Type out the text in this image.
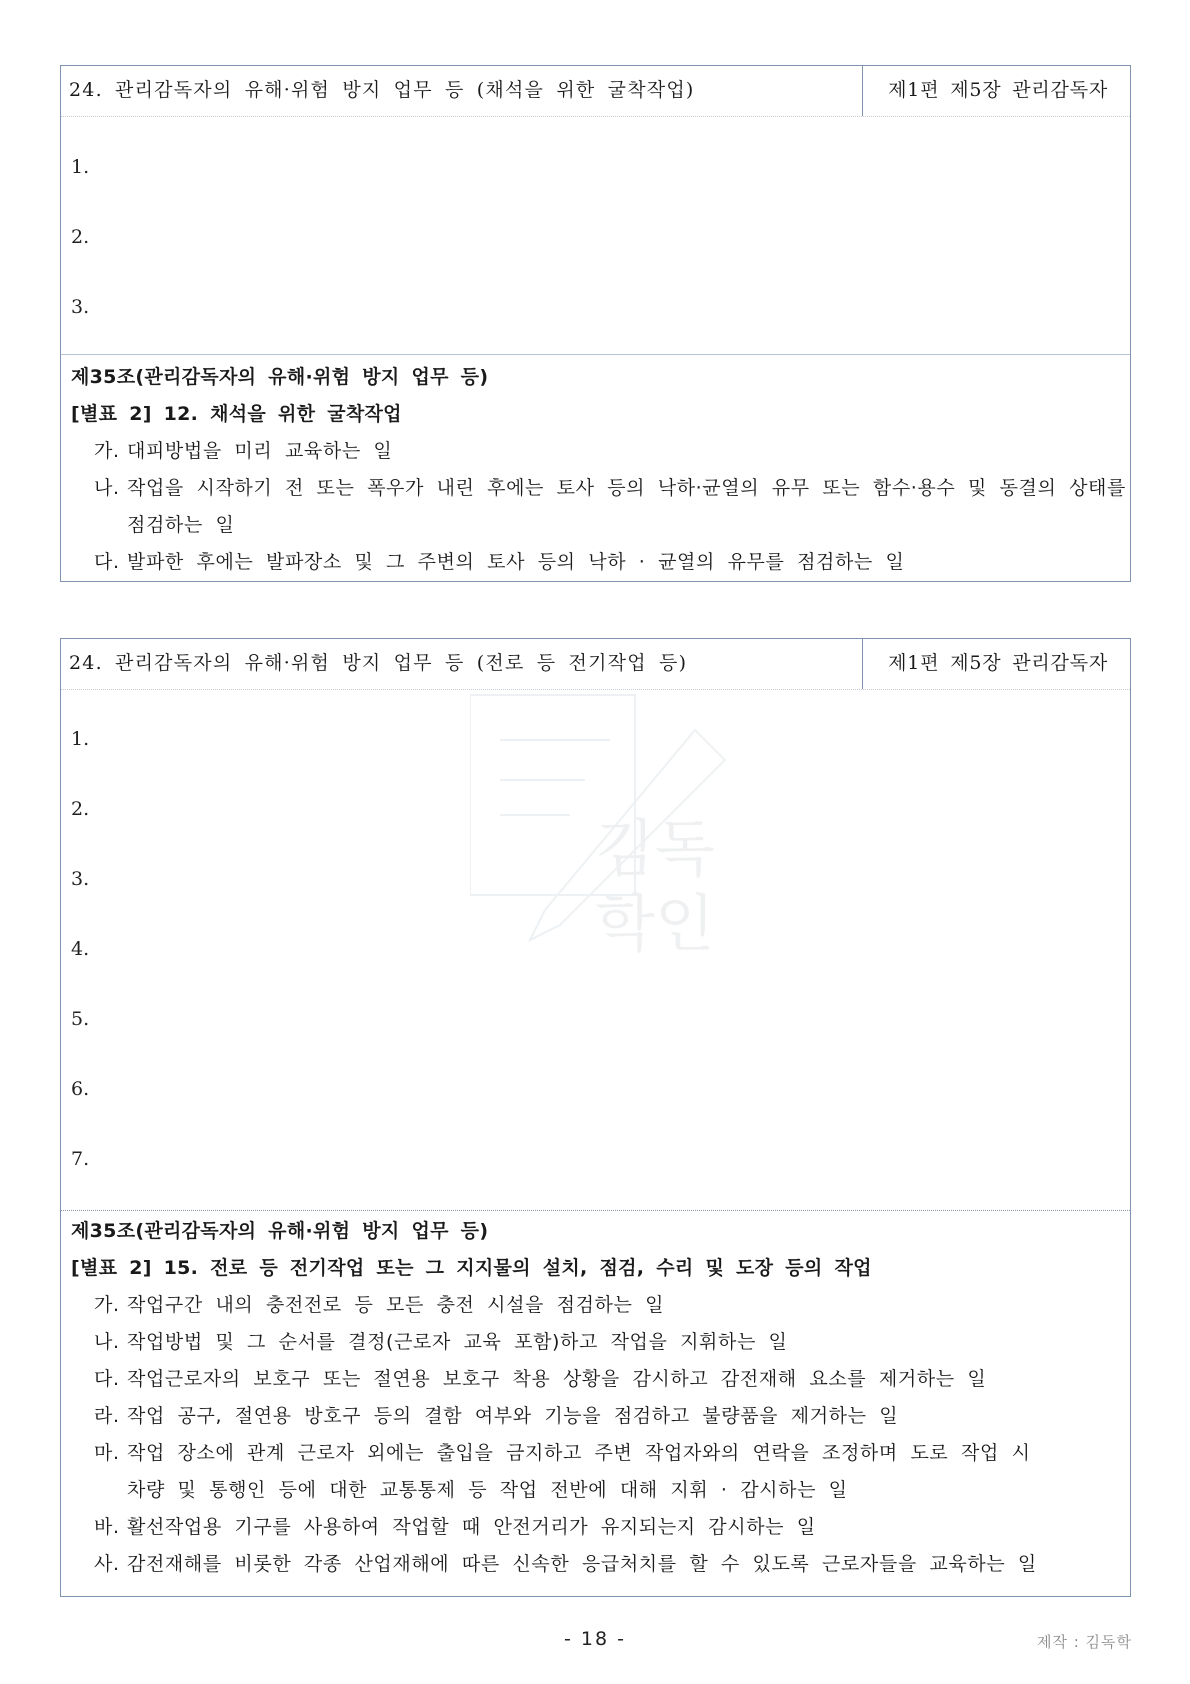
24. 관리감독자의 유해·위험 방지 업무 등 (채석을 위한 굴착작업)	제1편 제5장 관리감독자
1.
2.
3.
제35조(관리감독자의 유해·위험 방지 업무 등)
[별표 2] 12. 채석을 위한 굴착작업
가. 대피방법을 미리 교육하는 일
나. 작업을 시작하기 전 또는 폭우가 내린 후에는 토사 등의 낙하·균열의 유무 또는 함수·용수 및 동결의 상태를
점검하는 일
다. 발파한 후에는 발파장소 및 그 주변의 토사 등의 낙하 · 균열의 유무를 점검하는 일
24. 관리감독자의 유해·위험 방지 업무 등 (전로 등 전기작업 등)	제1편 제5장 관리감독자
1.
2.
3.
4.
5.
6.
7.
제35조(관리감독자의 유해·위험 방지 업무 등)
[별표 2] 15. 전로 등 전기작업 또는 그 지지물의 설치, 점검, 수리 및 도장 등의 작업
가. 작업구간 내의 충전전로 등 모든 충전 시설을 점검하는 일
나. 작업방법 및 그 순서를 결정(근로자 교육 포함)하고 작업을 지휘하는 일
다. 작업근로자의 보호구 또는 절연용 보호구 착용 상황을 감시하고 감전재해 요소를 제거하는 일
라. 작업 공구, 절연용 방호구 등의 결함 여부와 기능을 점검하고 불량품을 제거하는 일
마. 작업 장소에 관계 근로자 외에는 출입을 금지하고 주변 작업자와의 연락을 조정하며 도로 작업 시
차량 및 통행인 등에 대한 교통통제 등 작업 전반에 대해 지휘 · 감시하는 일
바. 활선작업용 기구를 사용하여 작업할 때 안전거리가 유지되는지 감시하는 일
사. 감전재해를 비롯한 각종 산업재해에 따른 신속한 응급처치를 할 수 있도록 근로자들을 교육하는 일
김독
학인
- 18 -	제작 : 김독학
